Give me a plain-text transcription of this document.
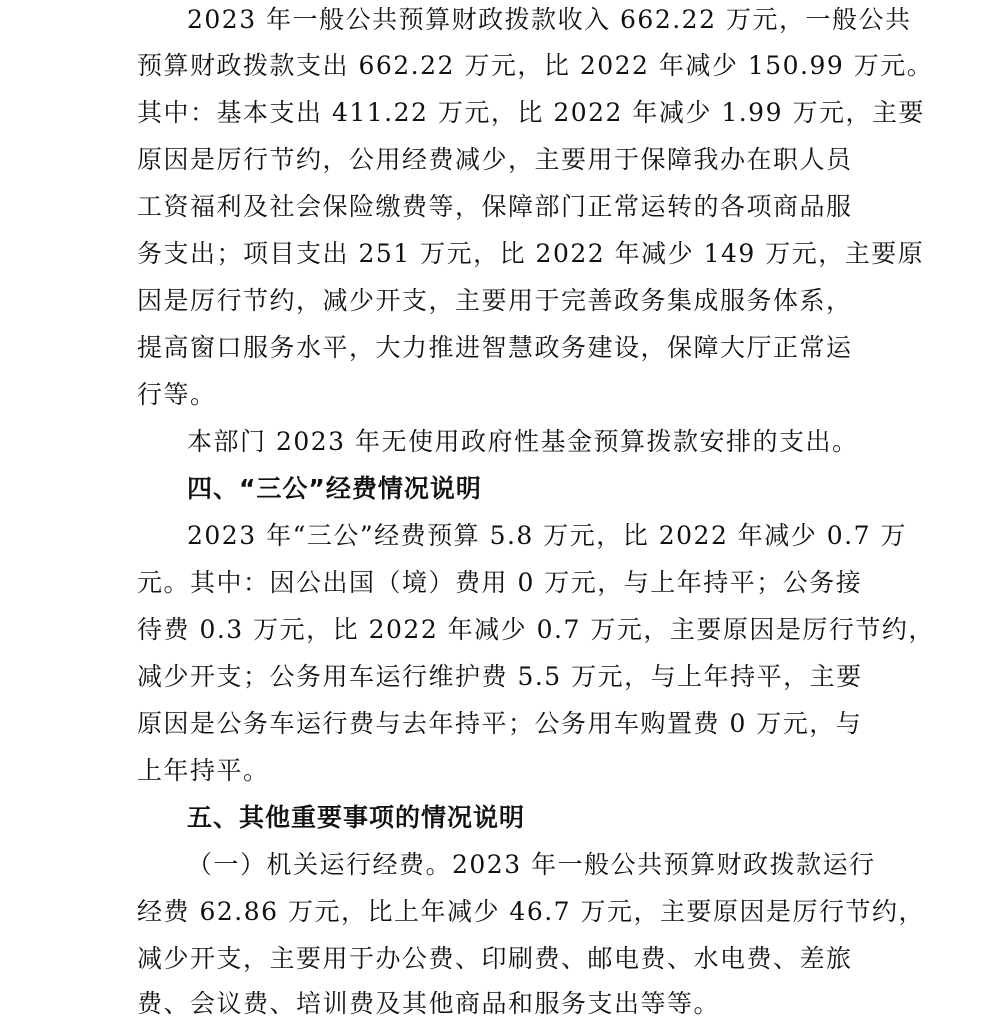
2023 年一般公共预算财政拨款收入 662.22 万元，一般公共
预算财政拨款支出 662.22 万元，比 2022 年减少 150.99 万元。
其中：基本支出 411.22 万元，比 2022 年减少 1.99 万元，主要
原因是厉行节约，公用经费减少，主要用于保障我办在职人员
工资福利及社会保险缴费等，保障部门正常运转的各项商品服
务支出；项目支出 251 万元，比 2022 年减少 149 万元，主要原
因是厉行节约，减少开支，主要用于完善政务集成服务体系，
提高窗口服务水平，大力推进智慧政务建设，保障大厅正常运
行等。
本部门 2023 年无使用政府性基金预算拨款安排的支出。
四、“三公”经费情况说明
2023 年“三公”经费预算 5.8 万元，比 2022 年减少 0.7 万
元。其中：因公出国（境）费用 0 万元，与上年持平；公务接
待费 0.3 万元，比 2022 年减少 0.7 万元，主要原因是厉行节约，
减少开支；公务用车运行维护费 5.5 万元，与上年持平，主要
原因是公务车运行费与去年持平；公务用车购置费 0 万元，与
上年持平。
五、其他重要事项的情况说明
（一）机关运行经费。2023 年一般公共预算财政拨款运行
经费 62.86 万元，比上年减少 46.7 万元，主要原因是厉行节约，
减少开支，主要用于办公费、印刷费、邮电费、水电费、差旅
费、会议费、培训费及其他商品和服务支出等等。
